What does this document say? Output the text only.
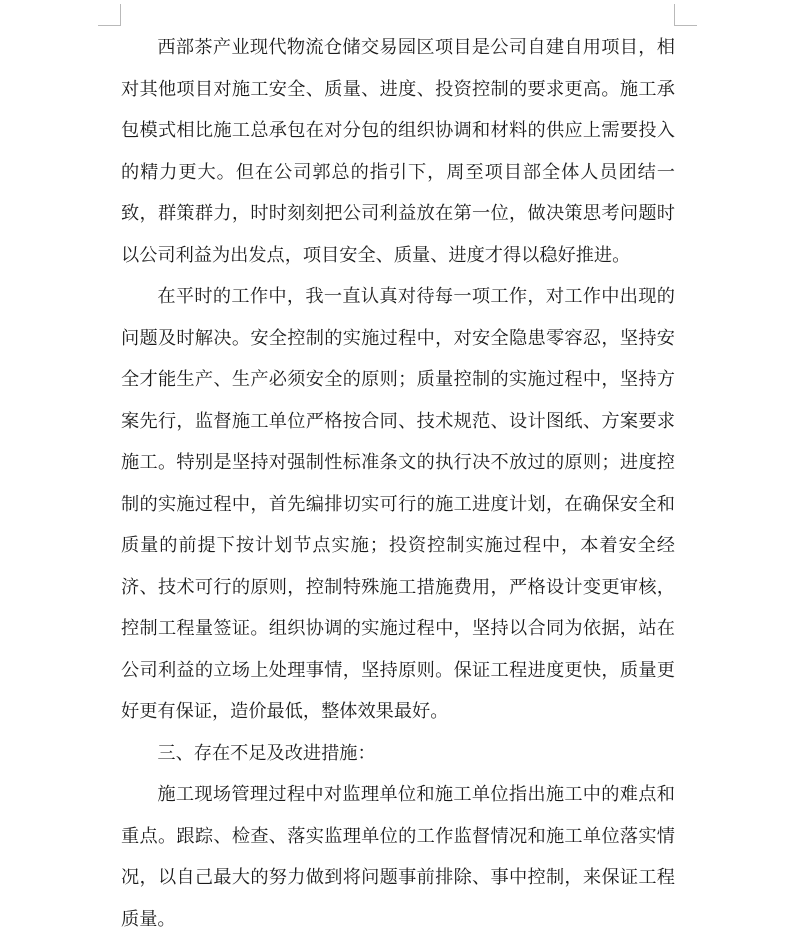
西部茶产业现代物流仓储交易园区项目是公司自建自用项目，相对其他项目对施工安全、质量、进度、投资控制的要求更高。施工承包模式相比施工总承包在对分包的组织协调和材料的供应上需要投入的精力更大。但在公司郭总的指引下，周至项目部全体人员团结一致，群策群力，时时刻刻把公司利益放在第一位，做决策思考问题时以公司利益为出发点，项目安全、质量、进度才得以稳好推进。

在平时的工作中，我一直认真对待每一项工作，对工作中出现的问题及时解决。安全控制的实施过程中，对安全隐患零容忍，坚持安全才能生产、生产必须安全的原则；质量控制的实施过程中，坚持方案先行，监督施工单位严格按合同、技术规范、设计图纸、方案要求施工。特别是坚持对强制性标准条文的执行决不放过的原则；进度控制的实施过程中，首先编排切实可行的施工进度计划，在确保安全和质量的前提下按计划节点实施；投资控制实施过程中，本着安全经济、技术可行的原则，控制特殊施工措施费用，严格设计变更审核，控制工程量签证。组织协调的实施过程中，坚持以合同为依据，站在公司利益的立场上处理事情，坚持原则。保证工程进度更快，质量更好更有保证，造价最低，整体效果最好。

三、存在不足及改进措施：

施工现场管理过程中对监理单位和施工单位指出施工中的难点和重点。跟踪、检查、落实监理单位的工作监督情况和施工单位落实情况，以自己最大的努力做到将问题事前排除、事中控制，来保证工程质量。
